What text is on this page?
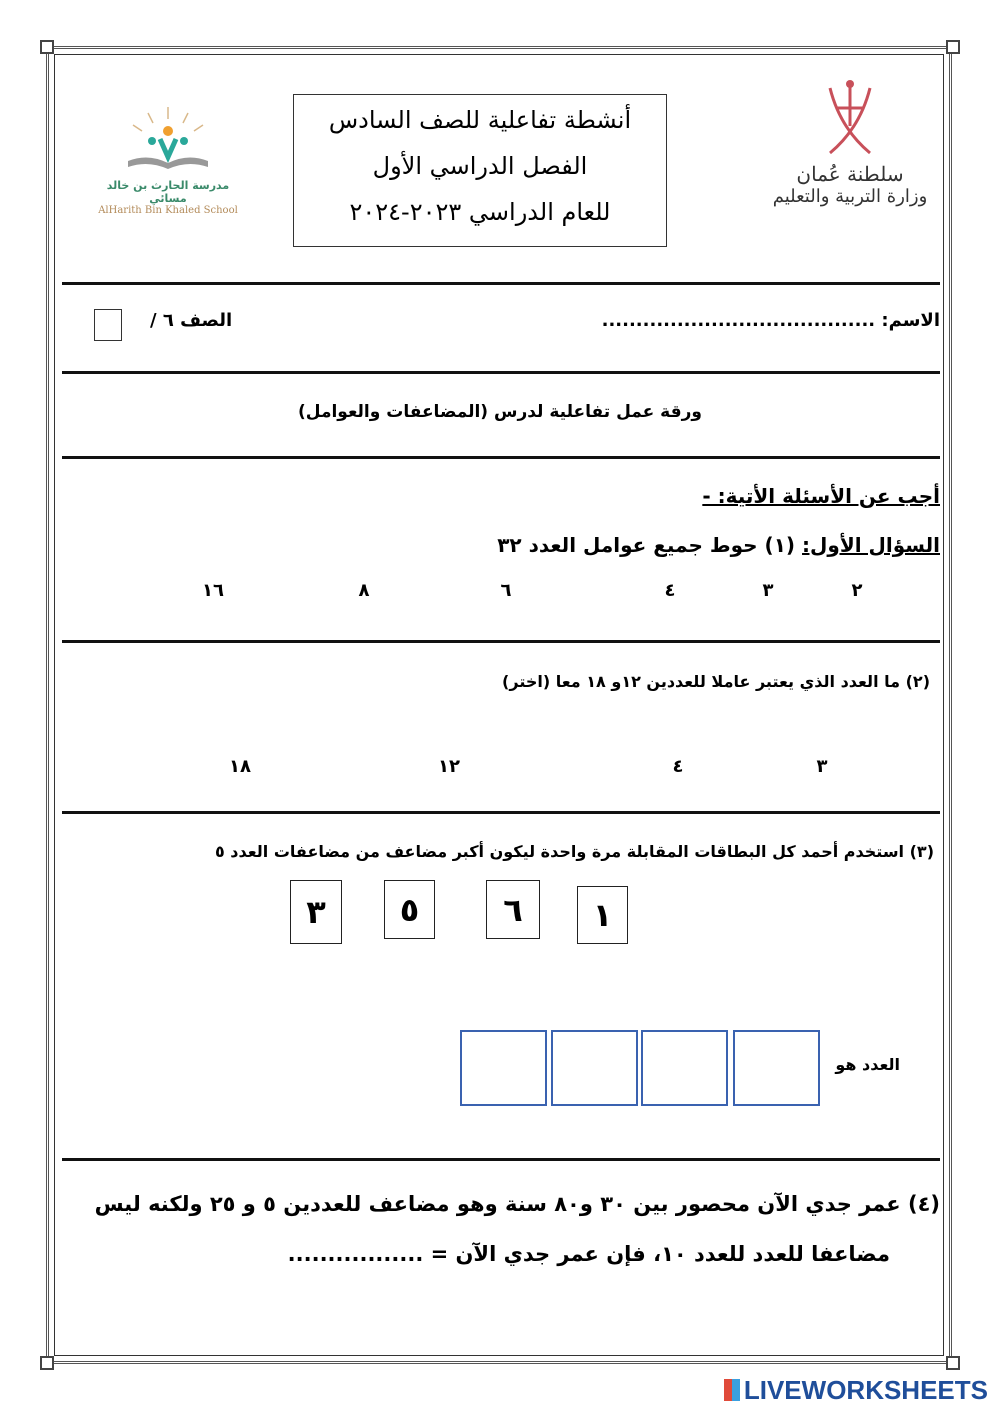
مدرسة الحارث بن خالد مسائي
AlHarith Bin Khaled School
أنشطة تفاعلية للصف السادس
الفصل الدراسي الأول
للعام الدراسي ٢٠٢٣-٢٠٢٤
سلطنة عُمان
وزارة التربية والتعليم
الاسم: ........................................
الصف ٦ /
ورقة عمل تفاعلية لدرس (المضاعفات والعوامل)
أجب عن الأسئلة الأتية: -
السؤال الأول: (١) حوط جميع عوامل العدد ٣٢
٢
٣
٤
٦
٨
١٦
(٢) ما العدد الذي يعتبر عاملا للعددين ١٢و ١٨ معا (اختر)
٣
٤
١٢
١٨
(٣) استخدم أحمد كل البطاقات المقابلة مرة واحدة ليكون أكبر مضاعف من مضاعفات العدد ٥
١
٦
٥
٣
العدد هو
(٤) عمر جدي الآن محصور بين ٣٠ و٨٠ سنة وهو مضاعف للعددين ٥ و ٢٥ ولكنه ليس
مضاعفا للعدد للعدد ١٠، فإن عمر جدي الآن = .................
LIVEWORKSHEETS
